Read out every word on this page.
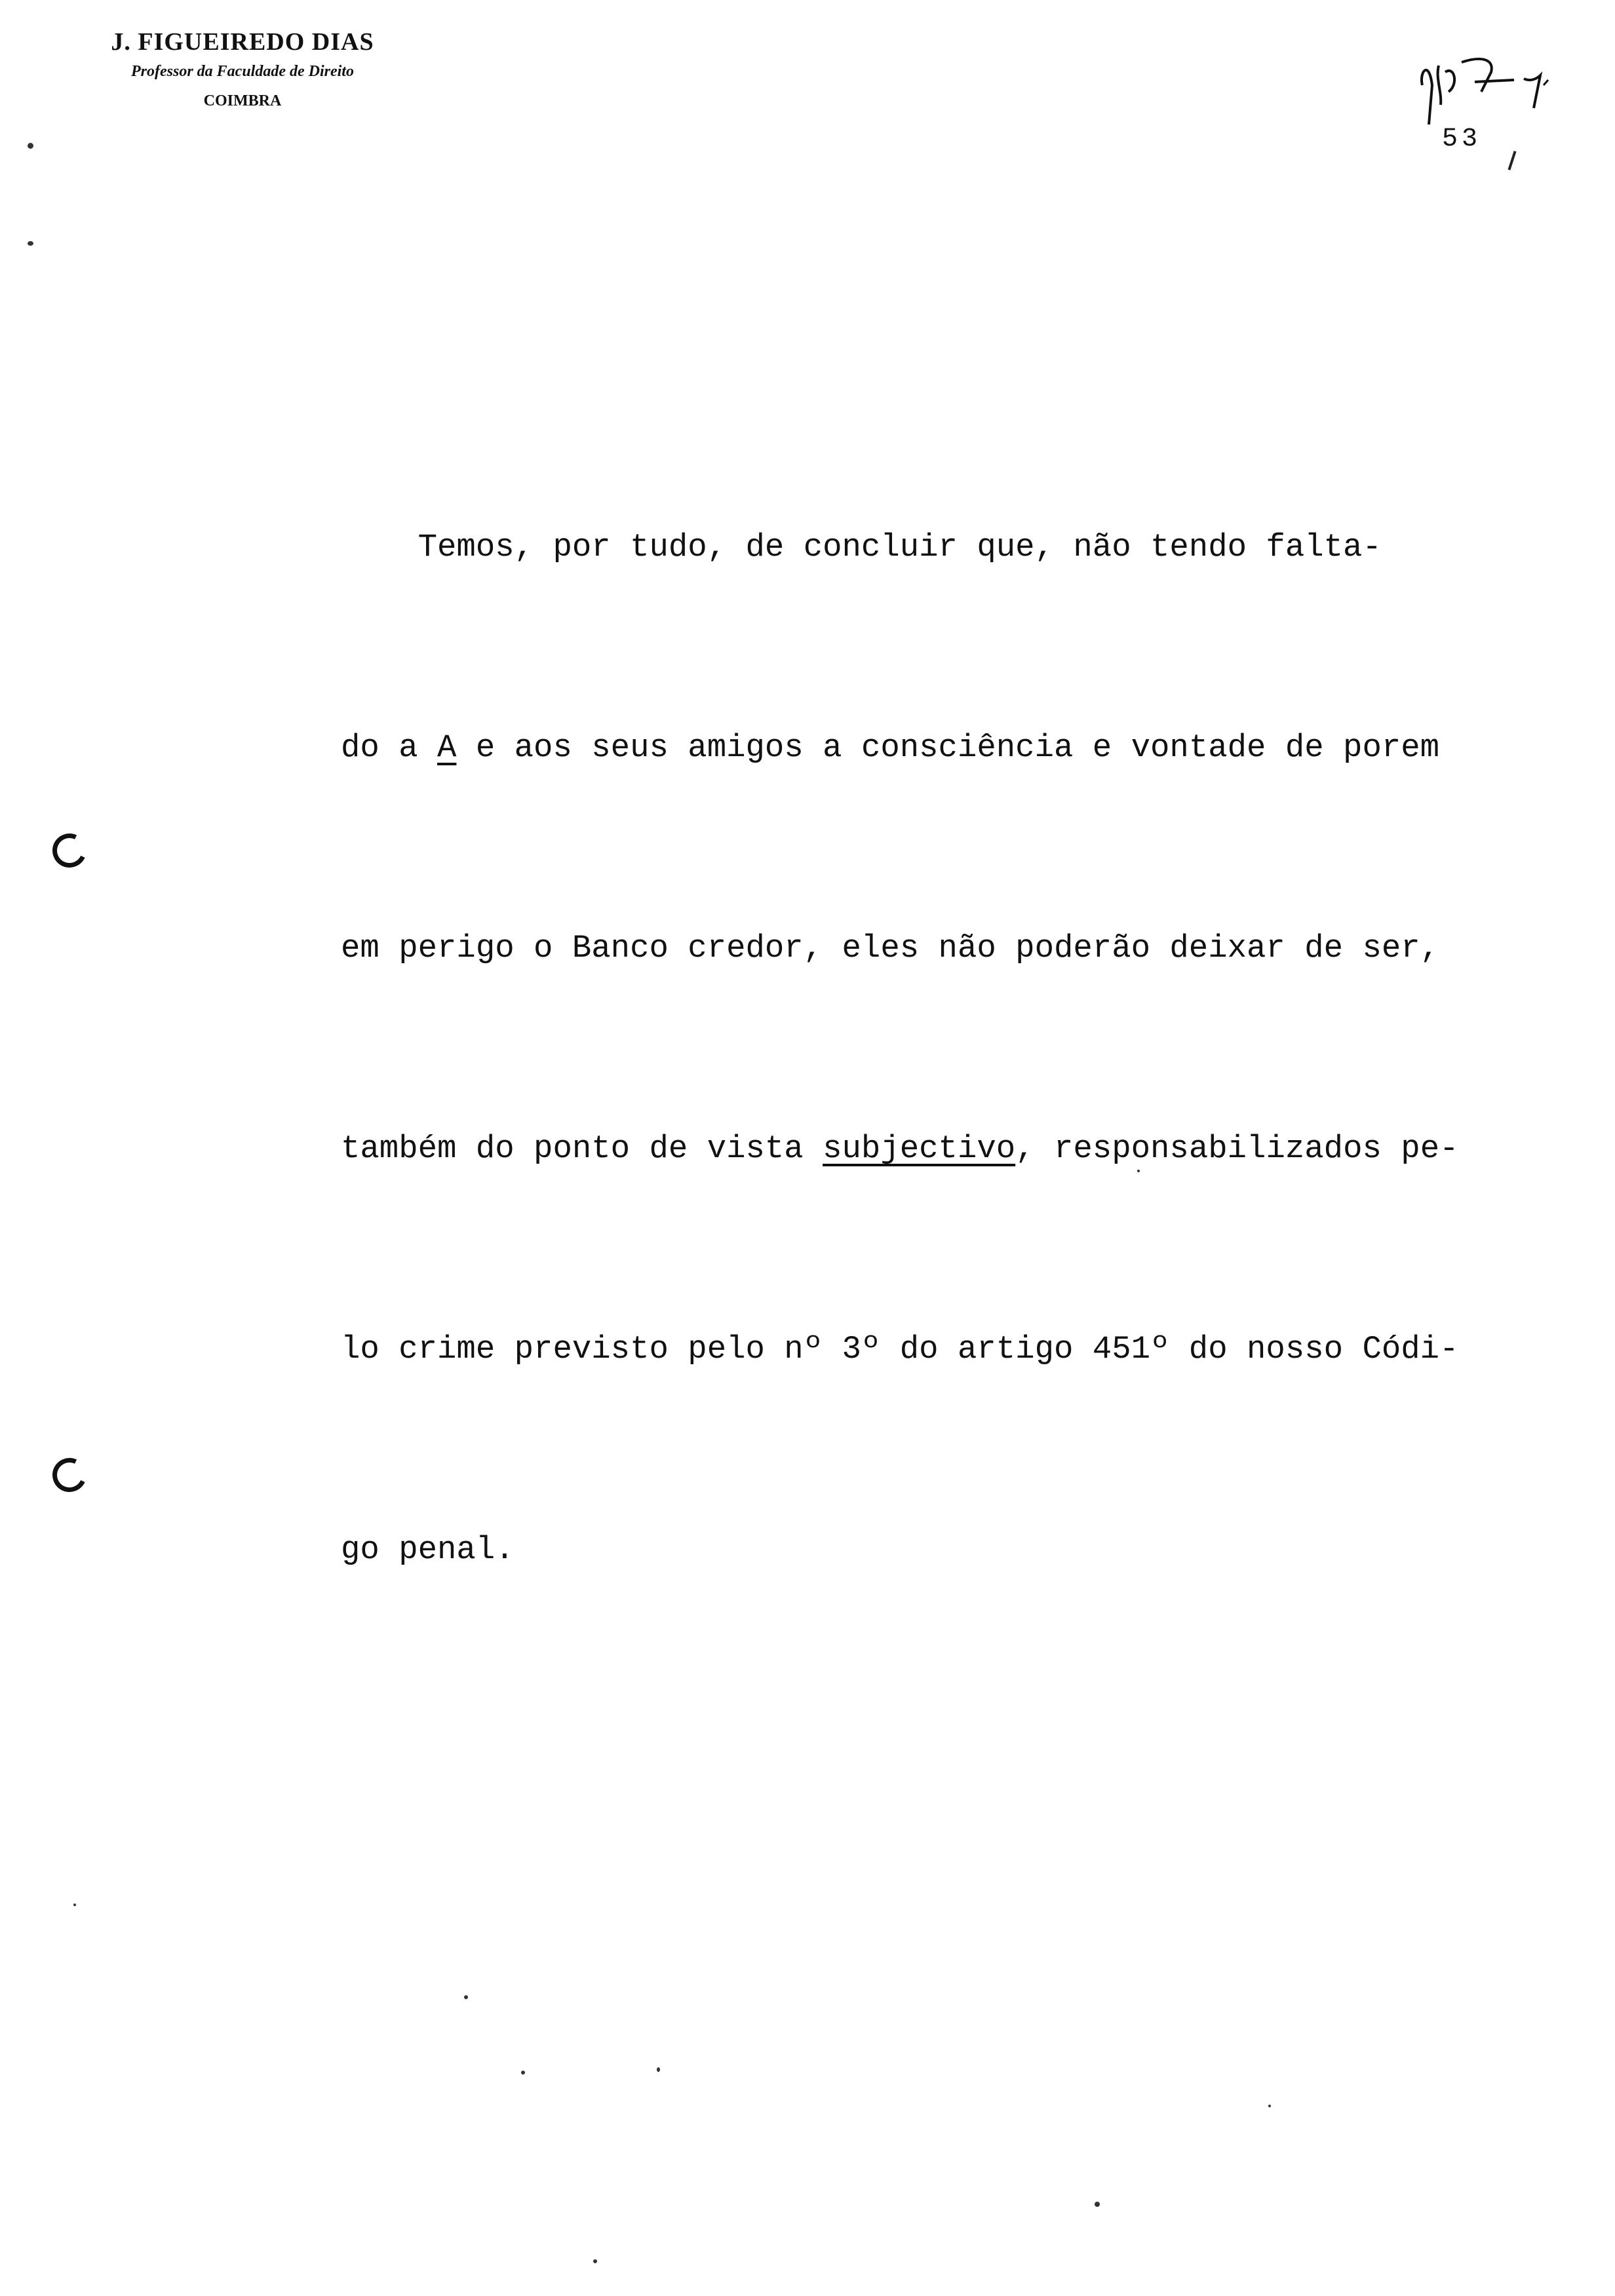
J. FIGUEIREDO DIAS
Professor da Faculdade de Direito
COIMBRA
53

Temos, por tudo, de concluir que, não tendo falta-

do a A e aos seus amigos a consciência e vontade de porem

em perigo o Banco credor, eles não poderão deixar de ser,

também do ponto de vista subjectivo, responsabilizados pe-

lo crime previsto pelo nº 3º do artigo 451º do nosso Códi-

go penal.
